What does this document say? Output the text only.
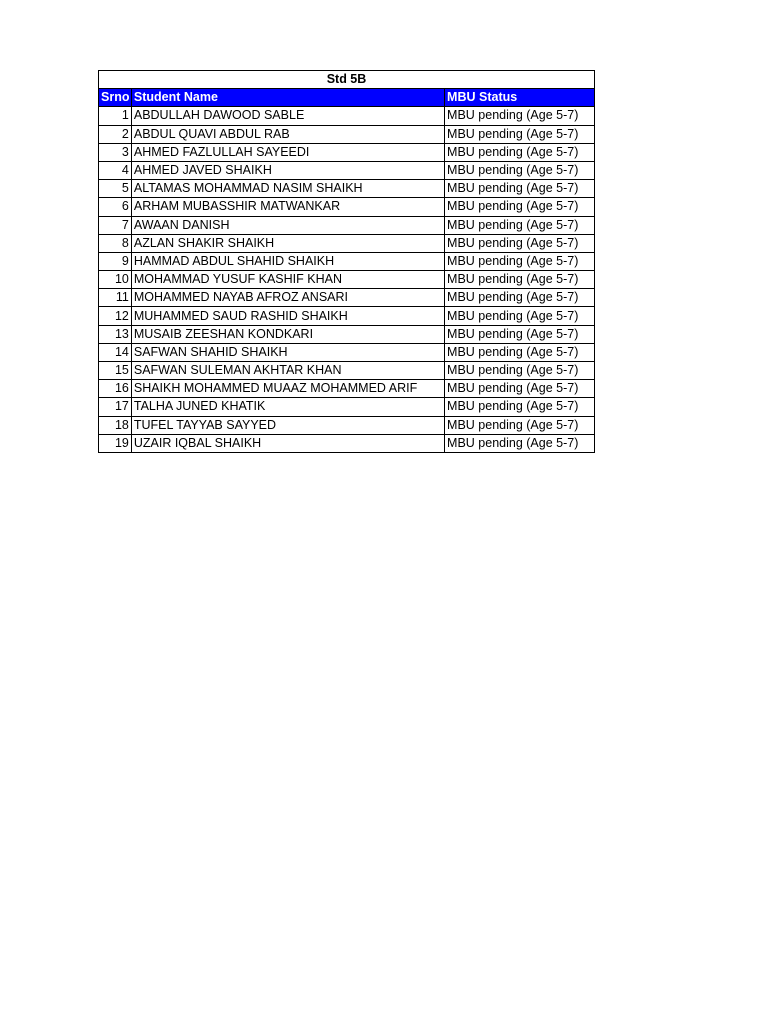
Std 5B		
Srno	Student Name	MBU Status
1	ABDULLAH DAWOOD SABLE	MBU pending (Age 5-7)
2	ABDUL QUAVI ABDUL RAB	MBU pending (Age 5-7)
3	AHMED FAZLULLAH SAYEEDI	MBU pending (Age 5-7)
4	AHMED JAVED SHAIKH	MBU pending (Age 5-7)
5	ALTAMAS MOHAMMAD NASIM SHAIKH	MBU pending (Age 5-7)
6	ARHAM MUBASSHIR MATWANKAR	MBU pending (Age 5-7)
7	AWAAN DANISH	MBU pending (Age 5-7)
8	AZLAN SHAKIR SHAIKH	MBU pending (Age 5-7)
9	HAMMAD ABDUL SHAHID SHAIKH	MBU pending (Age 5-7)
10	MOHAMMAD YUSUF KASHIF KHAN	MBU pending (Age 5-7)
11	MOHAMMED NAYAB AFROZ ANSARI	MBU pending (Age 5-7)
12	MUHAMMED SAUD RASHID SHAIKH	MBU pending (Age 5-7)
13	MUSAIB ZEESHAN KONDKARI	MBU pending (Age 5-7)
14	SAFWAN SHAHID SHAIKH	MBU pending (Age 5-7)
15	SAFWAN SULEMAN AKHTAR KHAN	MBU pending (Age 5-7)
16	SHAIKH MOHAMMED MUAAZ MOHAMMED ARIF	MBU pending (Age 5-7)
17	TALHA JUNED KHATIK	MBU pending (Age 5-7)
18	TUFEL TAYYAB SAYYED	MBU pending (Age 5-7)
19	UZAIR IQBAL SHAIKH	MBU pending (Age 5-7)
